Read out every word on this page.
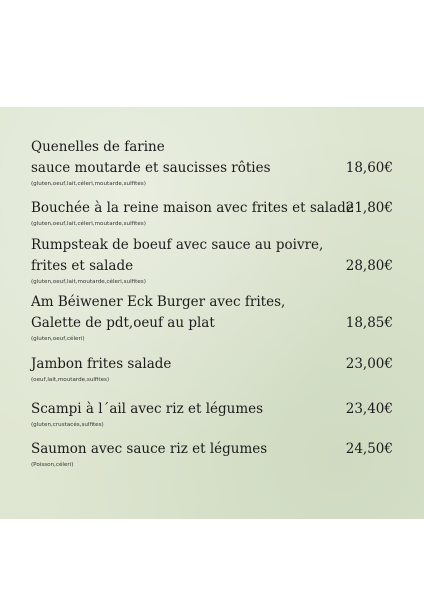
Quenelles de farine
sauce moutarde et saucisses rôties	18,60€
(gluten,oeuf,lait,céleri,moutarde,sulfites)
Bouchée à la reine maison avec frites et salade
21,80€
(gluten,oeuf,lait,céleri,moutarde,sulfites)
Rumpsteak de boeuf avec sauce au poivre,
frites et salade	28,80€
(gluten,oeuf,lait,moutarde,céleri,sulfites)
Am Béiwener Eck Burger avec frites,
Galette de pdt,oeuf au plat	18,85€
(gluten,oeuf,céleri)
Jambon frites salade	23,00€
(oeuf,lait,moutarde,sulfites)
Scampi à l´ail avec riz et légumes	23,40€
(gluten,crustacés,sulfites)
Saumon avec sauce riz et légumes	24,50€
(Poisson,céleri)
